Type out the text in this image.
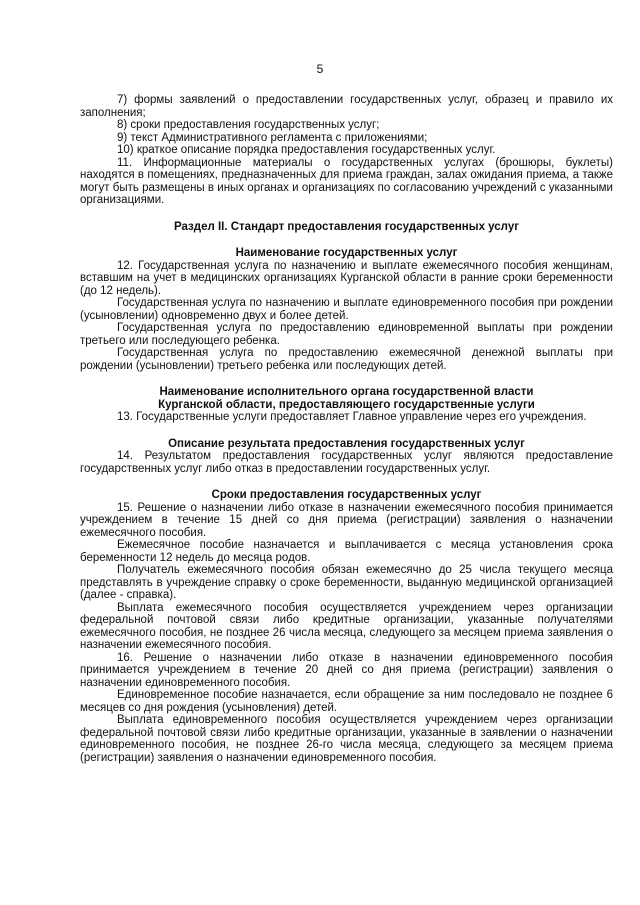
5

7) формы заявлений о предоставлении государственных услуг, образец и правило их заполнения;

8) сроки предоставления государственных услуг;

9) текст Административного регламента с приложениями;

10) краткое описание порядка предоставления государственных услуг.

11. Информационные материалы о государственных услугах (брошюры, буклеты) находятся в помещениях, предназначенных для приема граждан, залах ожидания приема, а также могут быть размещены в иных органах и организациях по согласованию учреждений с указанными организациями.

Раздел II. Стандарт предоставления государственных услуг
Наименование государственных услуг

12. Государственная услуга по назначению и выплате ежемесячного пособия женщинам, вставшим на учет в медицинских организациях Курганской области в ранние сроки беременности (до 12 недель).

Государственная услуга по назначению и выплате единовременного пособия при рождении (усыновлении) одновременно двух и более детей.

Государственная услуга по предоставлению единовременной выплаты при рождении третьего или последующего ребенка.

Государственная услуга по предоставлению ежемесячной денежной выплаты при рождении (усыновлении) третьего ребенка или последующих детей.

Наименование исполнительного органа государственной власти
Курганской области, предоставляющего государственные услуги

13. Государственные услуги предоставляет Главное управление через его учреждения.

Описание результата предоставления государственных услуг

14. Результатом предоставления государственных услуг являются предоставление государственных услуг либо отказ в предоставлении государственных услуг.

Сроки предоставления государственных услуг

15. Решение о назначении либо отказе в назначении ежемесячного пособия принимается учреждением в течение 15 дней со дня приема (регистрации) заявления о назначении ежемесячного пособия.

Ежемесячное пособие назначается и выплачивается с месяца установления срока беременности 12 недель до месяца родов.

Получатель ежемесячного пособия обязан ежемесячно до 25 числа текущего месяца представлять в учреждение справку о сроке беременности, выданную медицинской организацией (далее - справка).

Выплата ежемесячного пособия осуществляется учреждением через организации федеральной почтовой связи либо кредитные организации, указанные получателями ежемесячного пособия, не позднее 26 числа месяца, следующего за месяцем приема заявления о назначении ежемесячного пособия.

16. Решение о назначении либо отказе в назначении единовременного пособия принимается учреждением в течение 20 дней со дня приема (регистрации) заявления о назначении единовременного пособия.

Единовременное пособие назначается, если обращение за ним последовало не позднее 6 месяцев со дня рождения (усыновления) детей.

Выплата единовременного пособия осуществляется учреждением через организации федеральной почтовой связи либо кредитные организации, указанные в заявлении о назначении единовременного пособия, не позднее 26-го числа месяца, следующего за месяцем приема (регистрации) заявления о назначении единовременного пособия.
